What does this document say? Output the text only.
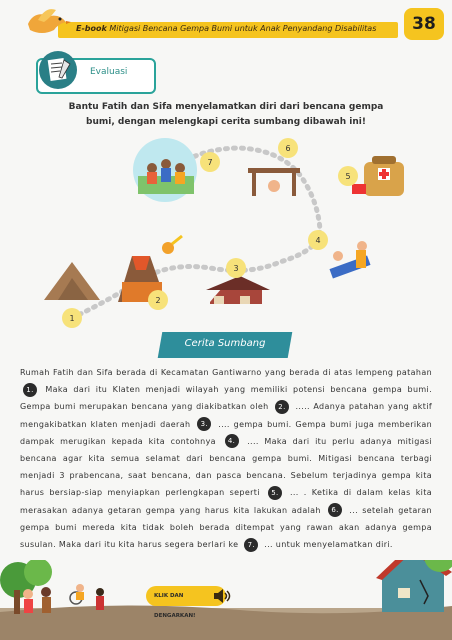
E-book Mitigasi Bencana Gempa Bumi untuk Anak Penyandang Disabilitas	38
Evaluasi
Bantu Fatih dan Sifa menyelamatkan diri dari bencana gempa bumi, dengan melengkapi cerita sumbang dibawah ini!
1
2
3
4
5
6
7
Cerita Sumbang
Rumah Fatih dan Sifa berada di Kecamatan Gantiwarno yang berada di atas lempeng patahan 1. Maka dari itu Klaten menjadi wilayah yang memiliki potensi bencana gempa bumi. Gempa bumi merupakan bencana yang diakibatkan oleh 2. ..... Adanya patahan yang aktif mengakibatkan klaten menjadi daerah 3. .... gempa bumi. Gempa bumi juga memberikan dampak merugikan kepada kita contohnya 4. .... Maka dari itu perlu adanya mitigasi bencana agar kita semua selamat dari bencana gempa bumi. Mitigasi bencana terbagi menjadi 3 prabencana, saat bencana, dan pasca bencana. Sebelum terjadinya gempa kita harus bersiap-siap menyiapkan perlengkapan seperti 5. ... . Ketika di dalam kelas kita merasakan adanya getaran gempa yang harus kita lakukan adalah 6. ... setelah getaran gempa bumi mereda kita tidak boleh berada ditempat yang rawan akan adanya gempa susulan. Maka dari itu kita harus segera berlari ke 7. ... untuk menyelamatkan diri.
KLIK DAN DENGARKAN!
